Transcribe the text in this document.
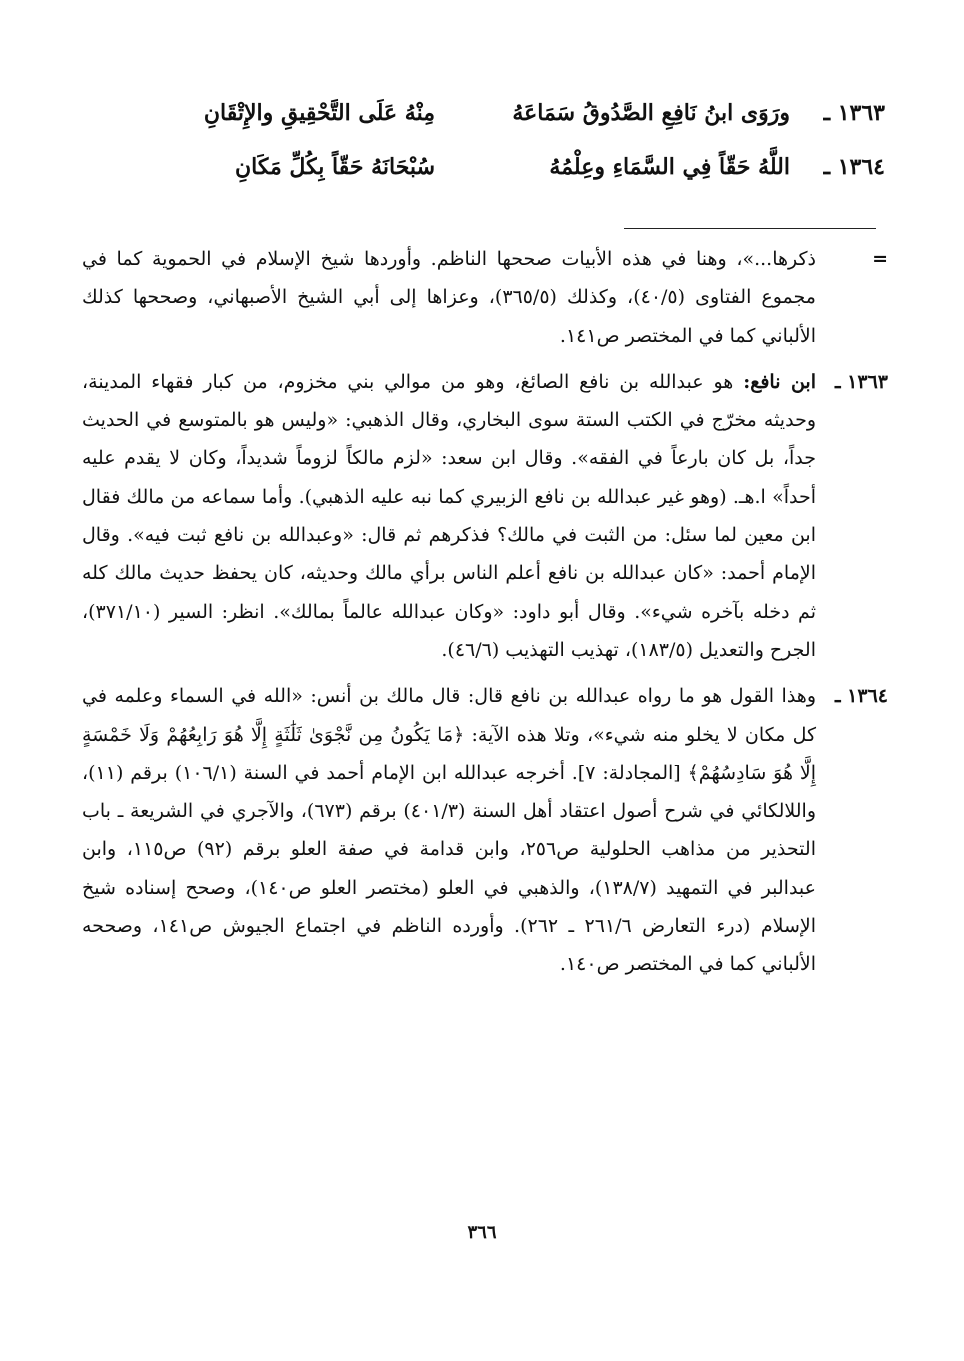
١٣٦٣ ـ
ورَوَى ابنُ نَافِعِ الصَّدُوقُ سَمَاعَهُ
مِنْهُ عَلَى التَّحْقِيقِ والإِتْقَانِ
١٣٦٤ ـ
اللَّهُ حَقّاً فِي السَّمَاءِ وعِلْمُهُ
سُبْحَانَهُ حَقّاً بِكُلِّ مَكَانِ
=
ذكرها...»، وهنا في هذه الأبيات صححها الناظم. وأوردها شيخ الإسلام في الحموية كما في مجموع الفتاوى (٤٠/٥)، وكذلك (٣٦٥/٥)، وعزاها إلى أبي الشيخ الأصبهاني، وصححها كذلك الألباني كما في المختصر ص١٤١.
١٣٦٣ ـ
ابن نافع: هو عبدالله بن نافع الصائغ، وهو من موالي بني مخزوم، من كبار فقهاء المدينة، وحديثه مخرّج في الكتب الستة سوى البخاري، وقال الذهبي: «وليس هو بالمتوسع في الحديث جداً، بل كان بارعاً في الفقه». وقال ابن سعد: «لزم مالكاً لزوماً شديداً، وكان لا يقدم عليه أحداً» ا.هـ. (وهو غير عبدالله بن نافع الزبيري كما نبه عليه الذهبي). وأما سماعه من مالك فقال ابن معين لما سئل: من الثبت في مالك؟ فذكرهم ثم قال: «وعبدالله بن نافع ثبت فيه». وقال الإمام أحمد: «كان عبدالله بن نافع أعلم الناس برأي مالك وحديثه، كان يحفظ حديث مالك كله ثم دخله بآخره شيء». وقال أبو داود: «وكان عبدالله عالماً بمالك». انظر: السير (٣٧١/١٠)، الجرح والتعديل (١٨٣/٥)، تهذيب التهذيب (٤٦/٦).
١٣٦٤ ـ
وهذا القول هو ما رواه عبدالله بن نافع قال: قال مالك بن أنس: «الله في السماء وعلمه في كل مكان لا يخلو منه شيء»، وتلا هذه الآية: ﴿مَا يَكُونُ مِن نَّجْوَىٰ ثَلَٰثَةٍ إِلَّا هُوَ رَابِعُهُمْ وَلَا خَمْسَةٍ إِلَّا هُوَ سَادِسُهُمْ﴾ [المجادلة: ٧]. أخرجه عبدالله ابن الإمام أحمد في السنة (١٠٦/١) برقم (١١)، واللالكائي في شرح أصول اعتقاد أهل السنة (٤٠١/٣) برقم (٦٧٣)، والآجري في الشريعة ـ باب التحذير من مذاهب الحلولية ص٢٥٦، وابن قدامة في صفة العلو برقم (٩٢) ص١١٥، وابن عبدالبر في التمهيد (١٣٨/٧)، والذهبي في العلو (مختصر العلو ص١٤٠)، وصحح إسناده شيخ الإسلام (درء التعارض ٢٦١/٦ ـ ٢٦٢). وأورده الناظم في اجتماع الجيوش ص١٤١، وصححه الألباني كما في المختصر ص١٤٠.
٣٦٦
